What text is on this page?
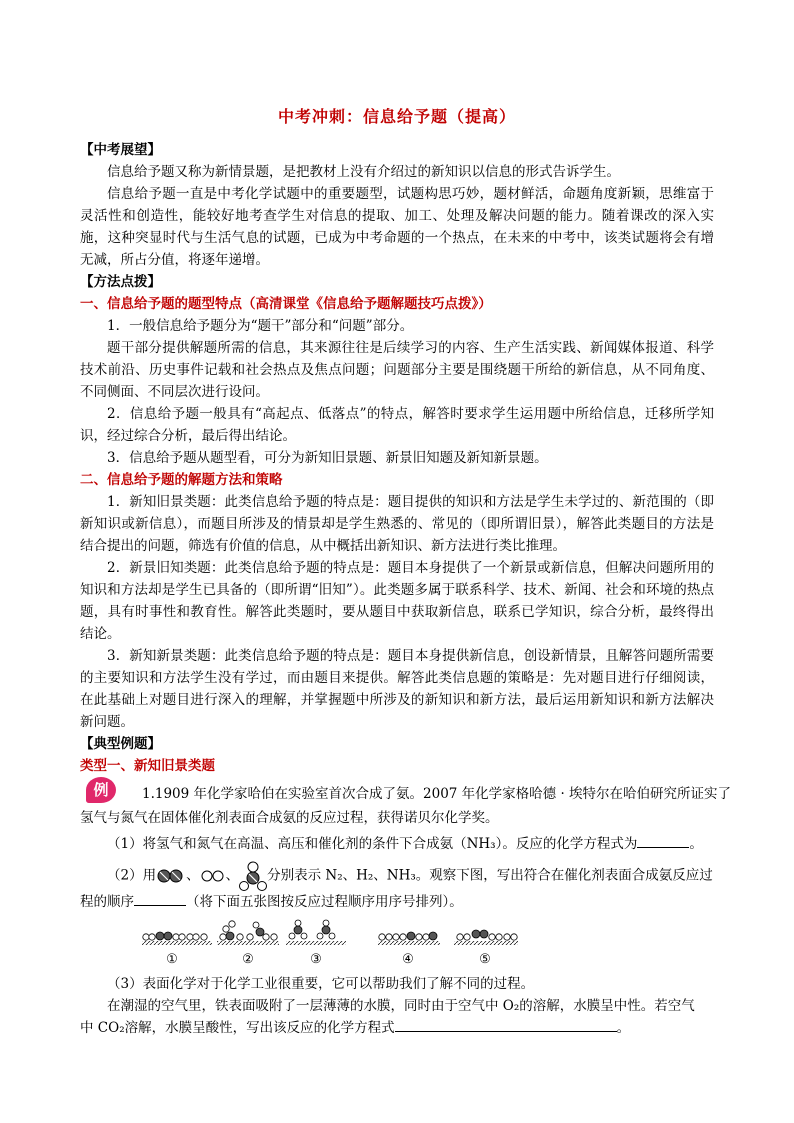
中考冲刺：信息给予题（提高）

【中考展望】

信息给予题又称为新情景题，是把教材上没有介绍过的新知识以信息的形式告诉学生。

信息给予题一直是中考化学试题中的重要题型，试题构思巧妙，题材鲜活，命题角度新颖，思维富于灵活性和创造性，能较好地考查学生对信息的提取、加工、处理及解决问题的能力。随着课改的深入实施，这种突显时代与生活气息的试题，已成为中考命题的一个热点，在未来的中考中，该类试题将会有增无减，所占分值，将逐年递增。

【方法点拨】

一、信息给予题的题型特点（高清课堂《信息给予题解题技巧点拨》）

1．一般信息给予题分为“题干”部分和“问题”部分。

题干部分提供解题所需的信息，其来源往往是后续学习的内容、生产生活实践、新闻媒体报道、科学技术前沿、历史事件记载和社会热点及焦点问题；问题部分主要是围绕题干所给的新信息，从不同角度、不同侧面、不同层次进行设问。

2．信息给予题一般具有“高起点、低落点”的特点，解答时要求学生运用题中所给信息，迁移所学知识，经过综合分析，最后得出结论。

3．信息给予题从题型看，可分为新知旧景题、新景旧知题及新知新景题。

二、信息给予题的解题方法和策略

1．新知旧景类题：此类信息给予题的特点是：题目提供的知识和方法是学生未学过的、新范围的（即新知识或新信息），而题目所涉及的情景却是学生熟悉的、常见的（即所谓旧景），解答此类题目的方法是结合提出的问题，筛选有价值的信息，从中概括出新知识、新方法进行类比推理。

2．新景旧知类题：此类信息给予题的特点是：题目本身提供了一个新景或新信息，但解决问题所用的知识和方法却是学生已具备的（即所谓“旧知”）。此类题多属于联系科学、技术、新闻、社会和环境的热点题，具有时事性和教育性。解答此类题时，要从题目中获取新信息，联系已学知识，综合分析，最终得出结论。

3．新知新景类题：此类信息给予题的特点是：题目本身提供新信息，创设新情景，且解答问题所需要的主要知识和方法学生没有学过，而由题目来提供。解答此类信息题的策略是：先对题目进行仔细阅读，在此基础上对题目进行深入的理解，并掌握题中所涉及的新知识和新方法，最后运用新知识和新方法解决新问题。

【典型例题】

类型一、新知旧景类题

例	1.1909 年化学家哈伯在实验室首次合成了氨。2007 年化学家格哈德 · 埃特尔在哈伯研究所证实了

氢气与氮气在固体催化剂表面合成氨的反应过程，获得诺贝尔化学奖。

（1）将氢气和氮气在高温、高压和催化剂的条件下合成氨（NH₃）。反应的化学方程式为	。

（2）用 、 、 分别表示 N₂、H₂、NH₃。观察下图，写出符合在催化剂表面合成氨反应过

程的顺序	（将下面五张图按反应过程顺序用序号排列）。

①	②	③	④	⑤

（3）表面化学对于化学工业很重要，它可以帮助我们了解不同的过程。

在潮湿的空气里，铁表面吸附了一层薄薄的水膜，同时由于空气中 O₂的溶解，水膜呈中性。若空气

中 CO₂溶解，水膜呈酸性，写出该反应的化学方程式	。
